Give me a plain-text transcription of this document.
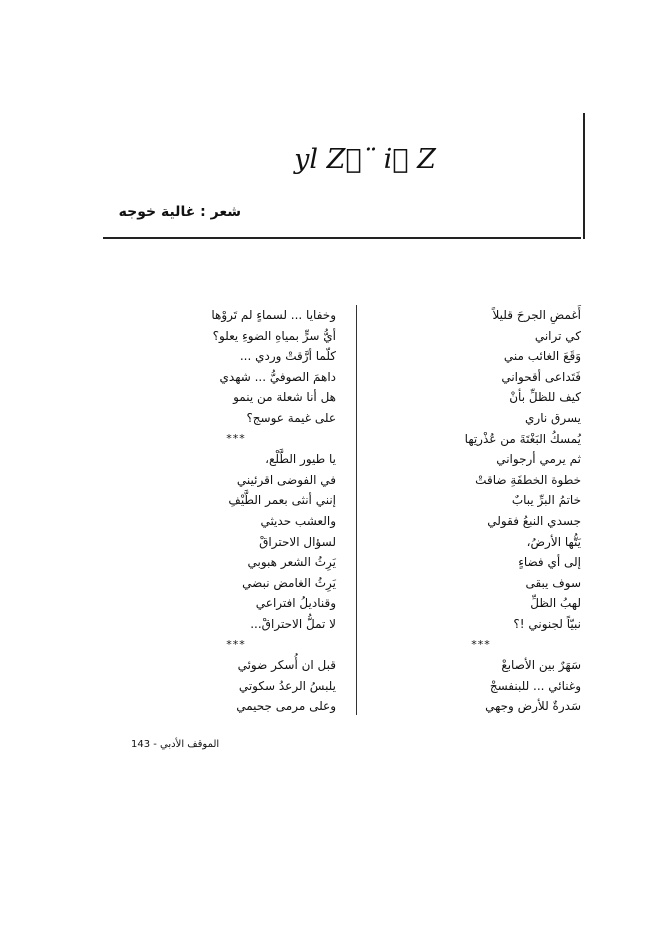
yl Zِ¨ i ِZ
شعر : غالية خوجه
أَغمضِ الجرحَ قليلاً
كي تراني
وَقَعَ الغائب مني
فَتَداعى أقحواني
كيف للظلِّ بأنْ
يسرق ناري
يُمسكُ البَغْتَةَ من عُذْرتِها
ثم يرمي أرجواني
خطوة الخطفَةِ ضاقتْ
خاتمُ البرِّ يبابٌ
جسدي النبعُ فقولي
يَتُّها الأرضُ،
إلى أي فضاءٍ
سوف يبقى
لهبُ الظلِّ
نبيّاً لجنوني !؟
***
سَهَرٌ بين الأصابعْ
وغنائي ... للبنفسجْ
سَدرةٌ للأرض وجهي
وخفايا ... لسماءٍ لم تَروْها
أيُّ سرٍّ بمياهِ الضوءِ يعلو؟
كلّما أرَّقتْ وردي ...
داهمَ الصوفيُّ ... شهدي
هل أنا شعلة من ينمو
على غيمة عوسج؟
***
يا طيور الطَّلْع،
في الفوضى اقرئيني
إنني أنثى بعمر الطَّيْفِ
والعشب حديثي
لسؤال الاحتراقْ
يَرِثُ الشعر هبوبي
يَرِثُ الغامض نبضي
وقناديلُ افتراعي
لا تملُّ الاحتراقْ...
***
قبل ان أُسكر ضوئي
يلبسُ الرعدُ سكوتي
وعلى مرمى جحيمي
الموقف الأدبي - 143
